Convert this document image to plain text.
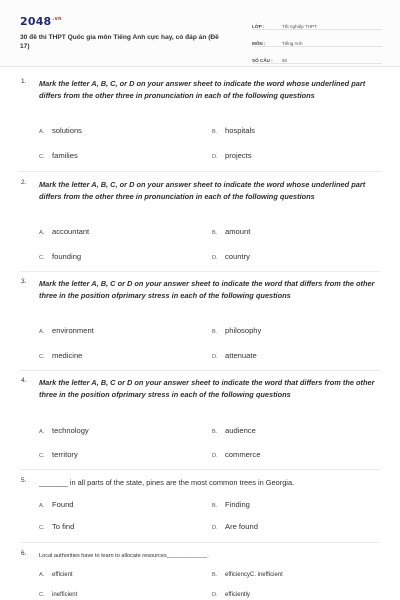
$2048^{.vn}$
30 đề thi THPT Quốc gia môn Tiếng Anh cực hay, có đáp án (Đề 17)
LỚP :	Tốt nghiệp THPT
MÔN :	Tiếng Anh
SỐ CÂU :	50
1. Mark the letter A, B, C, or D on your answer sheet to indicate the word whose underlined part differs from the other three in pronunciation in each of the following questions
A. solutions	B. hospitals
C. families	D. projects
2. Mark the letter A, B, C, or D on your answer sheet to indicate the word whose underlined part differs from the other three in pronunciation in each of the following questions
A. accountant	B. amount
C. founding	D. country
3. Mark the letter A, B, C or D on your answer sheet to indicate the word that differs from the other three in the position ofprimary stress in each of the following questions
A. environment	B. philosophy
C. medicine	D. attenuate
4. Mark the letter A, B, C or D on your answer sheet to indicate the word that differs from the other three in the position ofprimary stress in each of the following questions
A. technology	B. audience
C. territory	D. commerce
5. _______ in all parts of the state, pines are the most common trees in Georgia.
A. Found	B. Finding
C. To find	D. Are found
6. Local authorities have to learn to allocate resources_____________.
A. efficient	B. efficiencyC. inefficient
C. inefficient	D. efficiently
